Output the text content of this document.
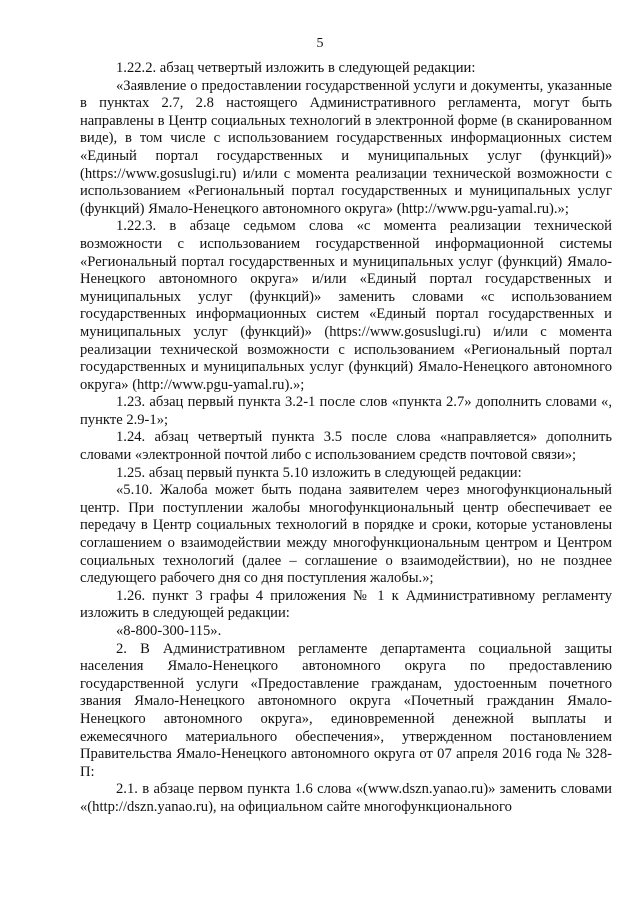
5

1.22.2. абзац четвертый изложить в следующей редакции:

«Заявление о предоставлении государственной услуги и документы, указанные в пунктах 2.7, 2.8 настоящего Административного регламента, могут быть направлены в Центр социальных технологий в электронной форме (в сканированном виде), в том числе с использованием государственных информационных систем «Единый портал государственных и муниципальных услуг (функций)» (https://www.gosuslugi.ru) и/или с момента реализации технической возможности с использованием «Региональный портал государственных и муниципальных услуг (функций) Ямало-Ненецкого автономного округа» (http://www.pgu-yamal.ru).»;

1.22.3. в абзаце седьмом слова «с момента реализации технической возможности с использованием государственной информационной системы «Региональный портал государственных и муниципальных услуг (функций) Ямало-Ненецкого автономного округа» и/или «Единый портал государственных и муниципальных услуг (функций)» заменить словами «с использованием государственных информационных систем «Единый портал государственных и муниципальных услуг (функций)» (https://www.gosuslugi.ru) и/или с момента реализации технической возможности с использованием «Региональный портал государственных и муниципальных услуг (функций) Ямало-Ненецкого автономного округа» (http://www.pgu-yamal.ru).»;

1.23. абзац первый пункта 3.2-1 после слов «пункта 2.7» дополнить словами «, пункте 2.9-1»;

1.24. абзац четвертый пункта 3.5 после слова «направляется» дополнить словами «электронной почтой либо с использованием средств почтовой связи»;

1.25. абзац первый пункта 5.10 изложить в следующей редакции:

«5.10. Жалоба может быть подана заявителем через многофункциональный центр. При поступлении жалобы многофункциональный центр обеспечивает ее передачу в Центр социальных технологий в порядке и сроки, которые установлены соглашением о взаимодействии между многофункциональным центром и Центром социальных технологий (далее – соглашение о взаимодействии), но не позднее следующего рабочего дня со дня поступления жалобы.»;

1.26. пункт 3 графы 4 приложения № 1 к Административному регламенту изложить в следующей редакции:

«8-800-300-115».

2. В Административном регламенте департамента социальной защиты населения Ямало-Ненецкого автономного округа по предоставлению государственной услуги «Предоставление гражданам, удостоенным почетного звания Ямало-Ненецкого автономного округа «Почетный гражданин Ямало-Ненецкого автономного округа», единовременной денежной выплаты и ежемесячного материального обеспечения», утвержденном постановлением Правительства Ямало-Ненецкого автономного округа от 07 апреля 2016 года № 328-П:

2.1. в абзаце первом пункта 1.6 слова «(www.dszn.yanao.ru)» заменить словами «(http://dszn.yanao.ru), на официальном сайте многофункционального
